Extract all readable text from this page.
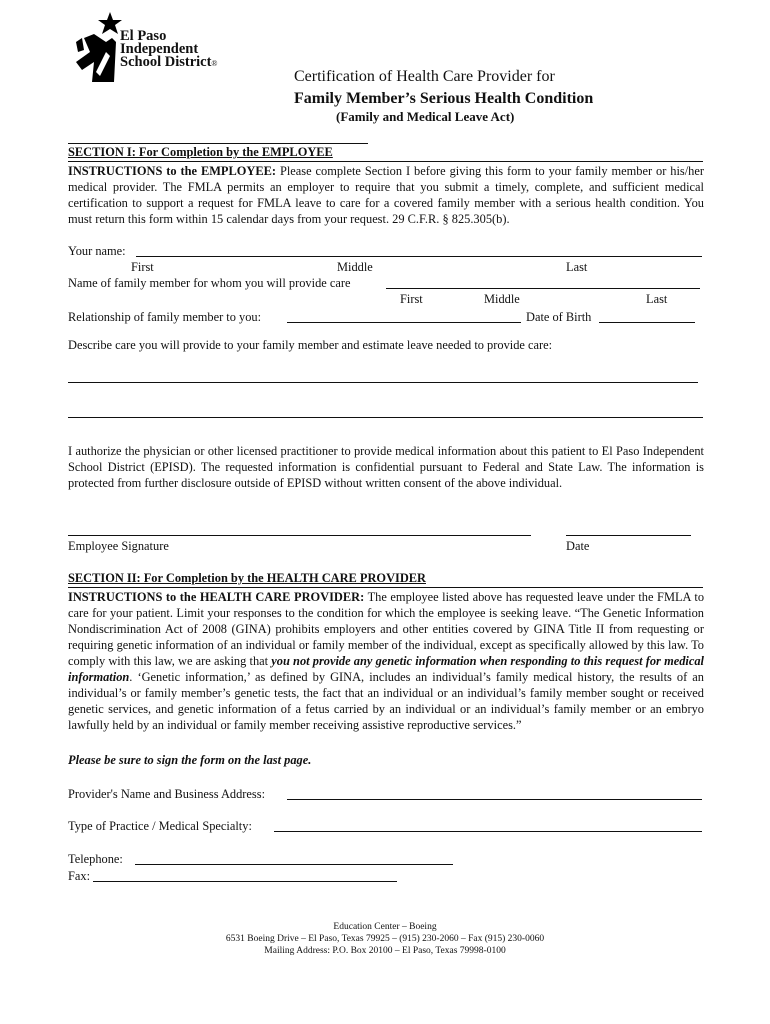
El Paso
Independent
School District®
Certification of Health Care Provider for
Family Member’s Serious Health Condition
(Family and Medical Leave Act)
SECTION I: For Completion by the EMPLOYEE
INSTRUCTIONS to the EMPLOYEE: Please complete Section I before giving this form to your family member or his/her medical provider. The FMLA permits an employer to require that you submit a timely, complete, and sufficient medical certification to support a request for FMLA leave to care for a covered family member with a serious health condition. You must return this form within 15 calendar days from your request. 29 C.F.R. § 825.305(b).
Your name:
First	Middle	Last
Name of family member for whom you will provide care
First	Middle	Last
Relationship of family member to you:	Date of Birth
Describe care you will provide to your family member and estimate leave needed to provide care:
I authorize the physician or other licensed practitioner to provide medical information about this patient to El Paso Independent School District (EPISD). The requested information is confidential pursuant to Federal and State Law. The information is protected from further disclosure outside of EPISD without written consent of the above individual.
Employee Signature	Date
SECTION II: For Completion by the HEALTH CARE PROVIDER
INSTRUCTIONS to the HEALTH CARE PROVIDER: The employee listed above has requested leave under the FMLA to care for your patient. Limit your responses to the condition for which the employee is seeking leave. “The Genetic Information Nondiscrimination Act of 2008 (GINA) prohibits employers and other entities covered by GINA Title II from requesting or requiring genetic information of an individual or family member of the individual, except as specifically allowed by this law. To comply with this law, we are asking that you not provide any genetic information when responding to this request for medical information. ‘Genetic information,’ as defined by GINA, includes an individual’s family medical history, the results of an individual’s or family member’s genetic tests, the fact that an individual or an individual’s family member sought or received genetic services, and genetic information of a fetus carried by an individual or an individual’s family member or an embryo lawfully held by an individual or family member receiving assistive reproductive services.”
Please be sure to sign the form on the last page.
Provider's Name and Business Address:
Type of Practice / Medical Specialty:
Telephone:
Fax:
Education Center – Boeing
6531 Boeing Drive – El Paso, Texas 79925 – (915) 230-2060 – Fax (915) 230-0060
Mailing Address: P.O. Box 20100 – El Paso, Texas 79998-0100
